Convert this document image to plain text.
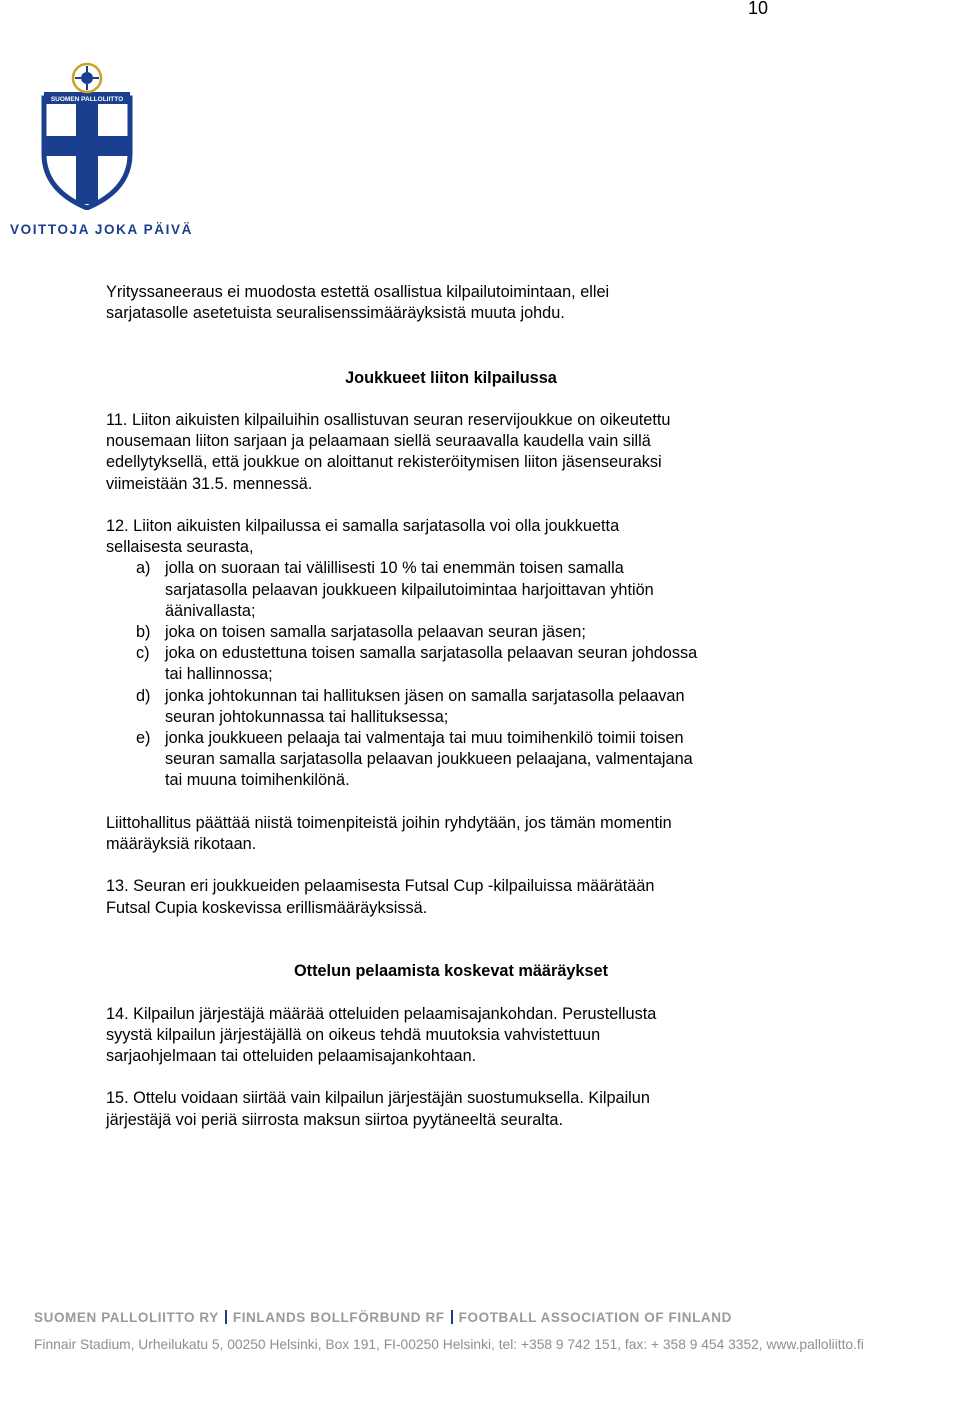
10
SUOMEN PALLOLIITTO
VOITTOJA JOKA PÄIVÄ

Yrityssaneeraus ei muodosta estettä osallistua kilpailutoimintaan, ellei

sarjatasolle asetetuista seuralisenssimääräyksistä muuta johdu.

Joukkueet liiton kilpailussa

11. Liiton aikuisten kilpailuihin osallistuvan seuran reservijoukkue on oikeutettu

nousemaan liiton sarjaan ja pelaamaan siellä seuraavalla kaudella vain sillä

edellytyksellä, että joukkue on aloittanut rekisteröitymisen liiton jäsenseuraksi

viimeistään 31.5. mennessä.

12. Liiton aikuisten kilpailussa ei samalla sarjatasolla voi olla joukkuetta

sellaisesta seurasta,

a) jolla on suoraan tai välillisesti 10 % tai enemmän toisen samalla

sarjatasolla pelaavan joukkueen kilpailutoimintaa harjoittavan yhtiön

äänivallasta;

b) joka on toisen samalla sarjatasolla pelaavan seuran jäsen;

c) joka on edustettuna toisen samalla sarjatasolla pelaavan seuran johdossa

tai hallinnossa;

d) jonka johtokunnan tai hallituksen jäsen on samalla sarjatasolla pelaavan

seuran johtokunnassa tai hallituksessa;

e) jonka joukkueen pelaaja tai valmentaja tai muu toimihenkilö toimii toisen

seuran samalla sarjatasolla pelaavan joukkueen pelaajana, valmentajana

tai muuna toimihenkilönä.

Liittohallitus päättää niistä toimenpiteistä joihin ryhdytään, jos tämän momentin

määräyksiä rikotaan.

13. Seuran eri joukkueiden pelaamisesta Futsal Cup -kilpailuissa määrätään

Futsal Cupia koskevissa erillismääräyksissä.

Ottelun pelaamista koskevat määräykset

14. Kilpailun järjestäjä määrää otteluiden pelaamisajankohdan. Perustellusta

syystä kilpailun järjestäjällä on oikeus tehdä muutoksia vahvistettuun

sarjaohjelmaan tai otteluiden pelaamisajankohtaan.

15. Ottelu voidaan siirtää vain kilpailun järjestäjän suostumuksella. Kilpailun

järjestäjä voi periä siirrosta maksun siirtoa pyytäneeltä seuralta.

SUOMEN PALLOLIITTO RY FINLANDS BOLLFÖRBUND RF FOOTBALL ASSOCIATION OF FINLAND
Finnair Stadium, Urheilukatu 5, 00250 Helsinki, Box 191, FI-00250 Helsinki, tel: +358 9 742 151, fax: + 358 9 454 3352, www.palloliitto.fi
